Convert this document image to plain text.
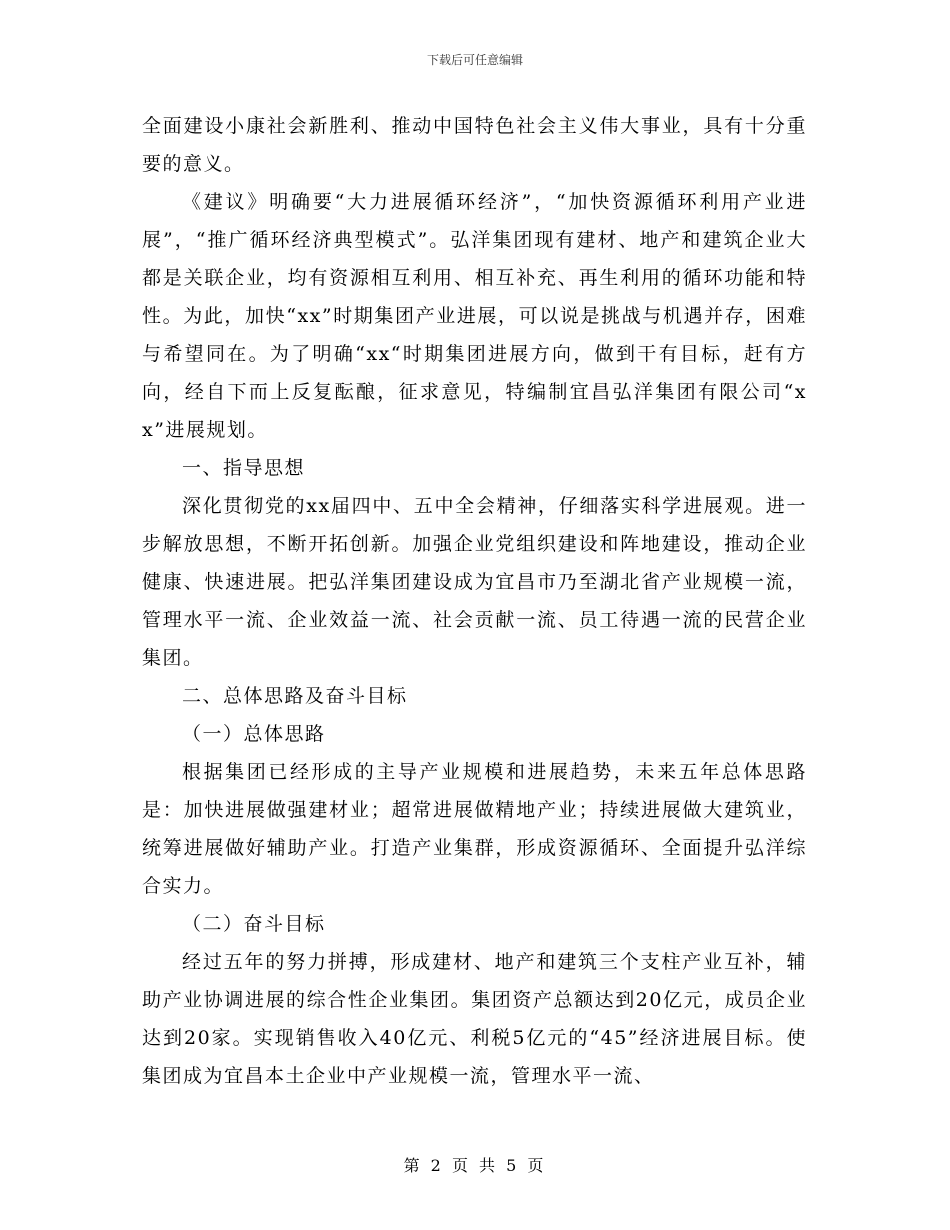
下载后可任意编辑

全面建设小康社会新胜利、推动中国特色社会主义伟大事业，具有十分重要的意义。

《建议》明确要“大力进展循环经济”，“加快资源循环利用产业进展”，“推广循环经济典型模式”。弘洋集团现有建材、地产和建筑企业大都是关联企业，均有资源相互利用、相互补充、再生利用的循环功能和特性。为此，加快“xx”时期集团产业进展，可以说是挑战与机遇并存，困难与希望同在。为了明确“xx“时期集团进展方向，做到干有目标，赶有方向，经自下而上反复酝酿，征求意见，特编制宜昌弘洋集团有限公司“xx”进展规划。

一、指导思想

深化贯彻党的xx届四中、五中全会精神，仔细落实科学进展观。进一步解放思想，不断开拓创新。加强企业党组织建设和阵地建设，推动企业健康、快速进展。把弘洋集团建设成为宜昌市乃至湖北省产业规模一流，管理水平一流、企业效益一流、社会贡献一流、员工待遇一流的民营企业集团。

二、总体思路及奋斗目标

（一）总体思路

根据集团已经形成的主导产业规模和进展趋势，未来五年总体思路是：加快进展做强建材业；超常进展做精地产业；持续进展做大建筑业，统筹进展做好辅助产业。打造产业集群，形成资源循环、全面提升弘洋综合实力。

（二）奋斗目标

经过五年的努力拼搏，形成建材、地产和建筑三个支柱产业互补，辅助产业协调进展的综合性企业集团。集团资产总额达到20亿元，成员企业达到20家。实现销售收入40亿元、利税5亿元的“45”经济进展目标。使集团成为宜昌本土企业中产业规模一流，管理水平一流、

第 2 页 共 5 页
